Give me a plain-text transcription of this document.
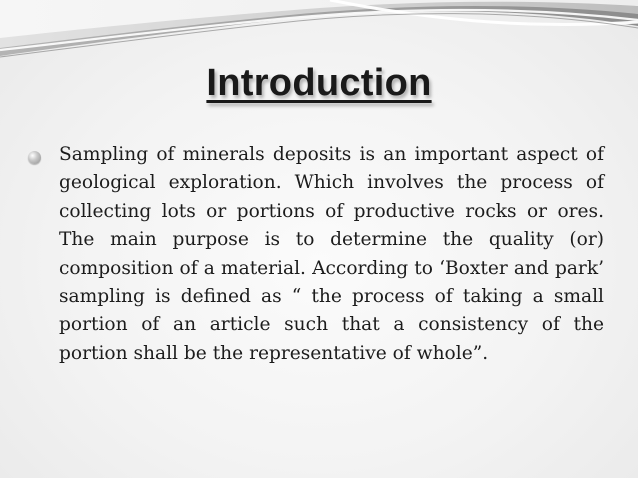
Introduction

Sampling of minerals deposits is an important aspect of geological exploration. Which involves the process of collecting lots or portions of productive rocks or ores. The main purpose is to determine the quality (or) composition of a material. According to ‘Boxter and park’ sampling is defined as “ the process of taking a small portion of an article such that a consistency of the portion shall be the representative of whole”.
